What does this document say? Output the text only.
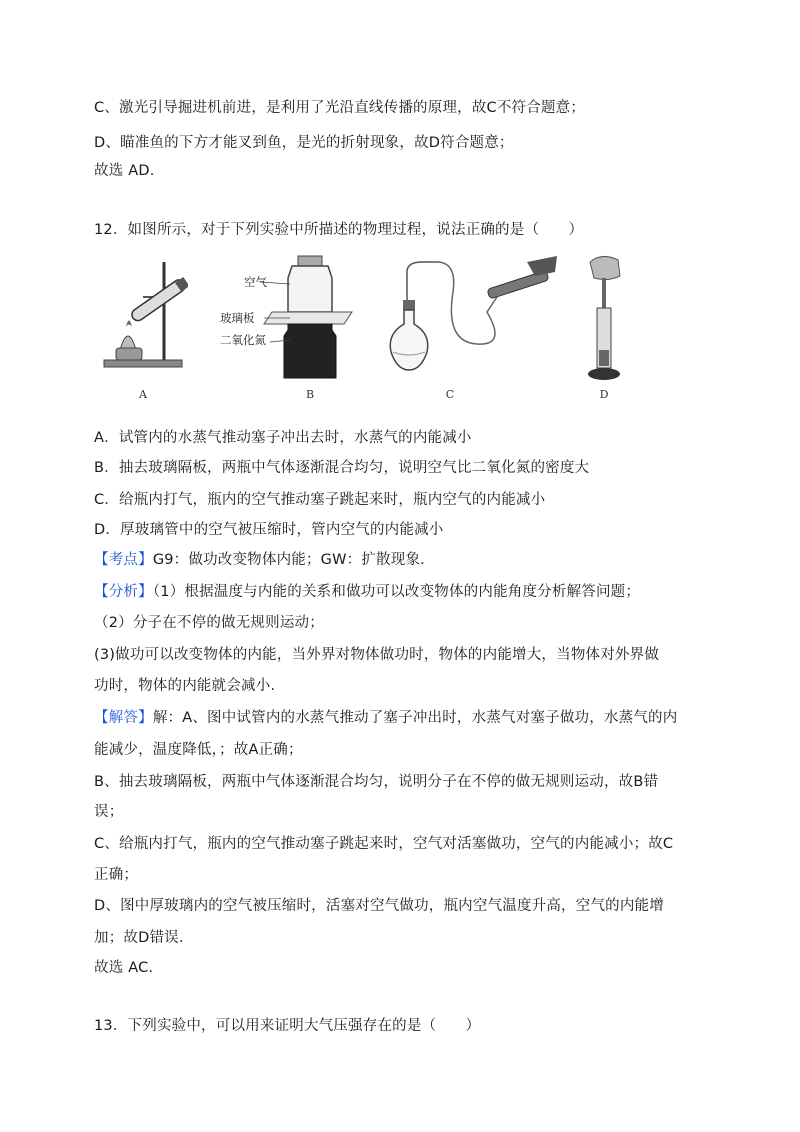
C、激光引导掘进机前进，是利用了光沿直线传播的原理，故C不符合题意；
D、瞄准鱼的下方才能叉到鱼，是光的折射现象，故D符合题意；
故选 AD.
12．如图所示，对于下列实验中所描述的物理过程，说法正确的是（　　）
A
空气
玻璃板
二氧化氮
B	C	D
A．试管内的水蒸气推动塞子冲出去时，水蒸气的内能减小
B．抽去玻璃隔板，两瓶中气体逐渐混合均匀，说明空气比二氧化氮的密度大
C．给瓶内打气，瓶内的空气推动塞子跳起来时，瓶内空气的内能减小
D．厚玻璃管中的空气被压缩时，管内空气的内能减小
【考点】G9：做功改变物体内能；GW：扩散现象.
【分析】（1）根据温度与内能的关系和做功可以改变物体的内能角度分析解答问题；
（2）分子在不停的做无规则运动；
(3)做功可以改变物体的内能，当外界对物体做功时，物体的内能增大，当物体对外界做
功时，物体的内能就会减小.
【解答】解：A、图中试管内的水蒸气推动了塞子冲出时，水蒸气对塞子做功，水蒸气的内
能减少，温度降低，；故A正确；
B、抽去玻璃隔板，两瓶中气体逐渐混合均匀，说明分子在不停的做无规则运动，故B错
误；
C、给瓶内打气，瓶内的空气推动塞子跳起来时，空气对活塞做功，空气的内能减小；故C
正确；
D、图中厚玻璃内的空气被压缩时，活塞对空气做功，瓶内空气温度升高，空气的内能增
加；故D错误.
故选 AC.
13．下列实验中，可以用来证明大气压强存在的是（　　）
